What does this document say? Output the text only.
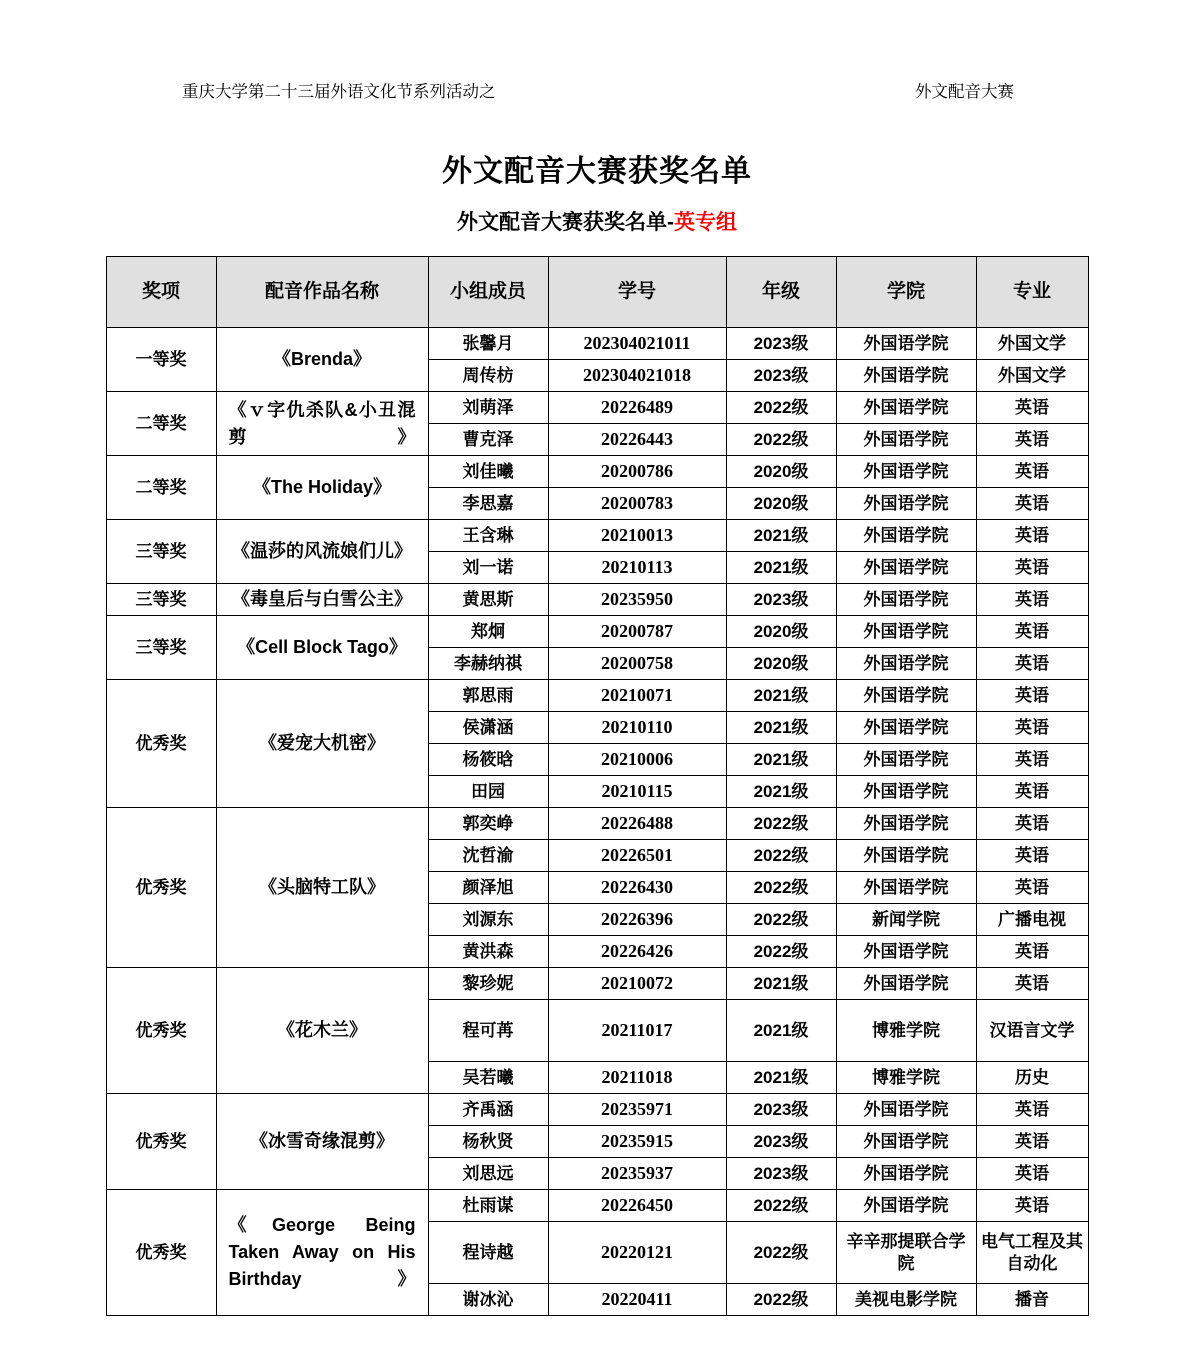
重庆大学第二十三届外语文化节系列活动之	外文配音大赛
外文配音大赛获奖名单
外文配音大赛获奖名单-英专组
奖项	配音作品名称	小组成员	学号	年级	学院	专业
一等奖	《Brenda》	张馨月	202304021011	2023级	外国语学院	外国文学
		周传枋	202304021018	2023级	外国语学院	外国文学
二等奖	《ｖ字仇杀队&小丑混剪》	刘萌泽	20226489	2022级	外国语学院	英语
		曹克泽	20226443	2022级	外国语学院	英语
二等奖	《The Holiday》	刘佳曦	20200786	2020级	外国语学院	英语
		李思嘉	20200783	2020级	外国语学院	英语
三等奖	《温莎的风流娘们儿》	王含琳	20210013	2021级	外国语学院	英语
		刘一诺	20210113	2021级	外国语学院	英语
三等奖	《毒皇后与白雪公主》	黄思斯	20235950	2023级	外国语学院	英语
三等奖	《Cell Block Tago》	郑炯	20200787	2020级	外国语学院	英语
		李赫纳祺	20200758	2020级	外国语学院	英语
优秀奖	《爱宠大机密》	郭思雨	20210071	2021级	外国语学院	英语
		侯潇涵	20210110	2021级	外国语学院	英语
		杨筱晗	20210006	2021级	外国语学院	英语
		田园	20210115	2021级	外国语学院	英语
优秀奖	《头脑特工队》	郭奕峥	20226488	2022级	外国语学院	英语
		沈哲渝	20226501	2022级	外国语学院	英语
		颜泽旭	20226430	2022级	外国语学院	英语
		刘源东	20226396	2022级	新闻学院	广播电视
		黄洪森	20226426	2022级	外国语学院	英语
优秀奖	《花木兰》	黎珍妮	20210072	2021级	外国语学院	英语
		程可苒	20211017	2021级	博雅学院	汉语言文学
		吴若曦	20211018	2021级	博雅学院	历史
优秀奖	《冰雪奇缘混剪》	齐禹涵	20235971	2023级	外国语学院	英语
		杨秋贤	20235915	2023级	外国语学院	英语
		刘思远	20235937	2023级	外国语学院	英语
优秀奖	《George Being Taken Away on His Birthday》	杜雨谋	20226450	2022级	外国语学院	英语
		程诗越	20220121	2022级	辛辛那提联合学院	电气工程及其自动化
		谢冰沁	20220411	2022级	美视电影学院	播音
